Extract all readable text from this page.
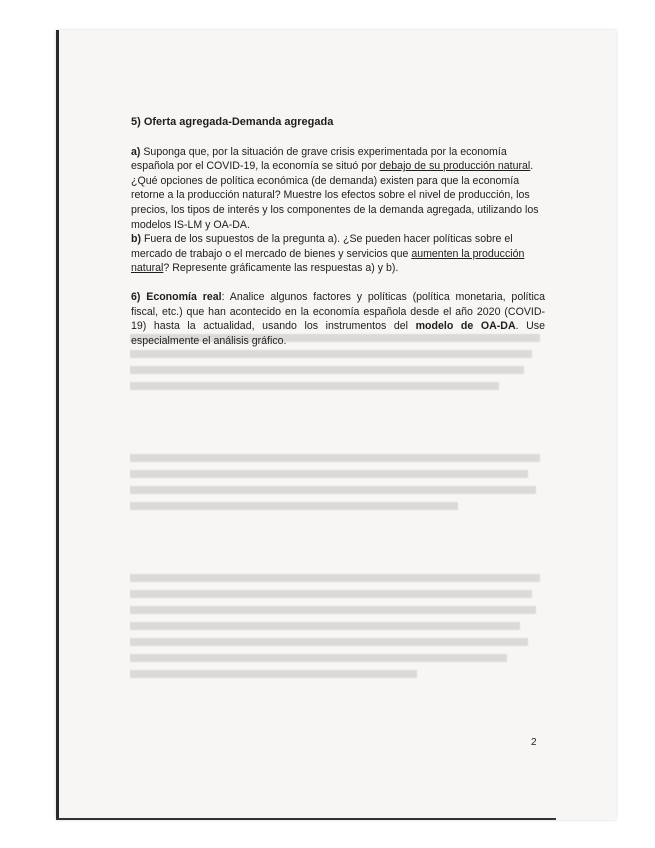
5) Oferta agregada-Demanda agregada

a) Suponga que, por la situación de grave crisis experimentada por la economía española por el COVID-19, la economía se situó por debajo de su producción natural. ¿Qué opciones de política económica (de demanda) existen para que la economía retorne a la producción natural? Muestre los efectos sobre el nivel de producción, los precios, los tipos de interés y los componentes de la demanda agregada, utilizando los modelos IS-LM y OA-DA.

b) Fuera de los supuestos de la pregunta a). ¿Se pueden hacer políticas sobre el mercado de trabajo o el mercado de bienes y servicios que aumenten la producción natural? Represente gráficamente las respuestas a) y b).

6) Economía real: Analice algunos factores y políticas (política monetaria, política fiscal, etc.) que han acontecido en la economía española desde el año 2020 (COVID-19) hasta la actualidad, usando los instrumentos del modelo de OA-DA. Use especialmente el análisis gráfico.

2
